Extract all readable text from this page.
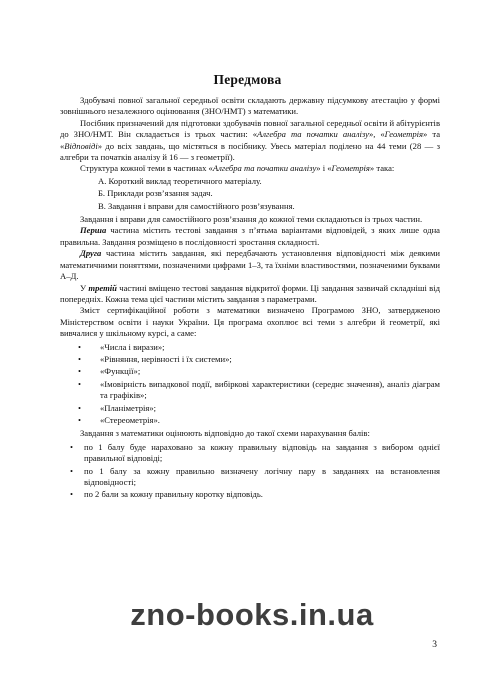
Передмова

Здобувачі повної загальної середньої освіти складають державну підсумкову атестацію у формі зовнішнього незалежного оцінювання (ЗНО/НМТ) з математики.

Посібник призначений для підготовки здобувачів повної загальної середньої освіти й абітурієнтів до ЗНО/НМТ. Він складається із трьох частин: «Алгебра та початки аналізу», «Геометрія» та «Відповіді» до всіх завдань, що містяться в посібнику. Увесь матеріал поділено на 44 теми (28 — з алгебри та початків аналізу й 16 — з геометрії).

Структура кожної теми в частинах «Алгебра та початки аналізу» і «Геометрія» така:

А. Короткий виклад теоретичного матеріалу.
Б. Приклади розв’язання задач.
В. Завдання і вправи для самостійного розв’язування.

Завдання і вправи для самостійного розв’язання до кожної теми складаються із трьох частин.

Перша частина містить тестові завдання з п’ятьма варіантами відповідей, з яких лише одна правильна. Завдання розміщено в послідовності зростання складності.

Друга частина містить завдання, які передбачають установлення відповідності між деякими математичними поняттями, позначеними цифрами 1–3, та їхніми властивостями, позначеними буквами А–Д.

У третій частині вміщено тестові завдання відкритої форми. Ці завдання зазвичай складніші від попередніх. Кожна тема цієї частини містить завдання з параметрами.

Зміст сертифікаційної роботи з математики визначено Програмою ЗНО, затвердженою Міністерством освіти і науки України. Ця програма охоплює всі теми з алгебри й геометрії, які вивчалися у шкільному курсі, а саме:

• «Числа і вирази»;
• «Рівняння, нерівності і їх системи»;
• «Функції»;
• «Імовірність випадкової події, вибіркові характеристики (середнє значення), аналіз діаграм та графіків»;
• «Планіметрія»;
• «Стереометрія».

Завдання з математики оцінюють відповідно до такої схеми нарахування балів:

• по 1 балу буде нараховано за кожну правильну відповідь на завдання з вибором однієї правильної відповіді;
• по 1 балу за кожну правильно визначену логічну пару в завданнях на встановлення відповідності;
• по 2 бали за кожну правильну коротку відповідь.
zno-books.in.ua
3
